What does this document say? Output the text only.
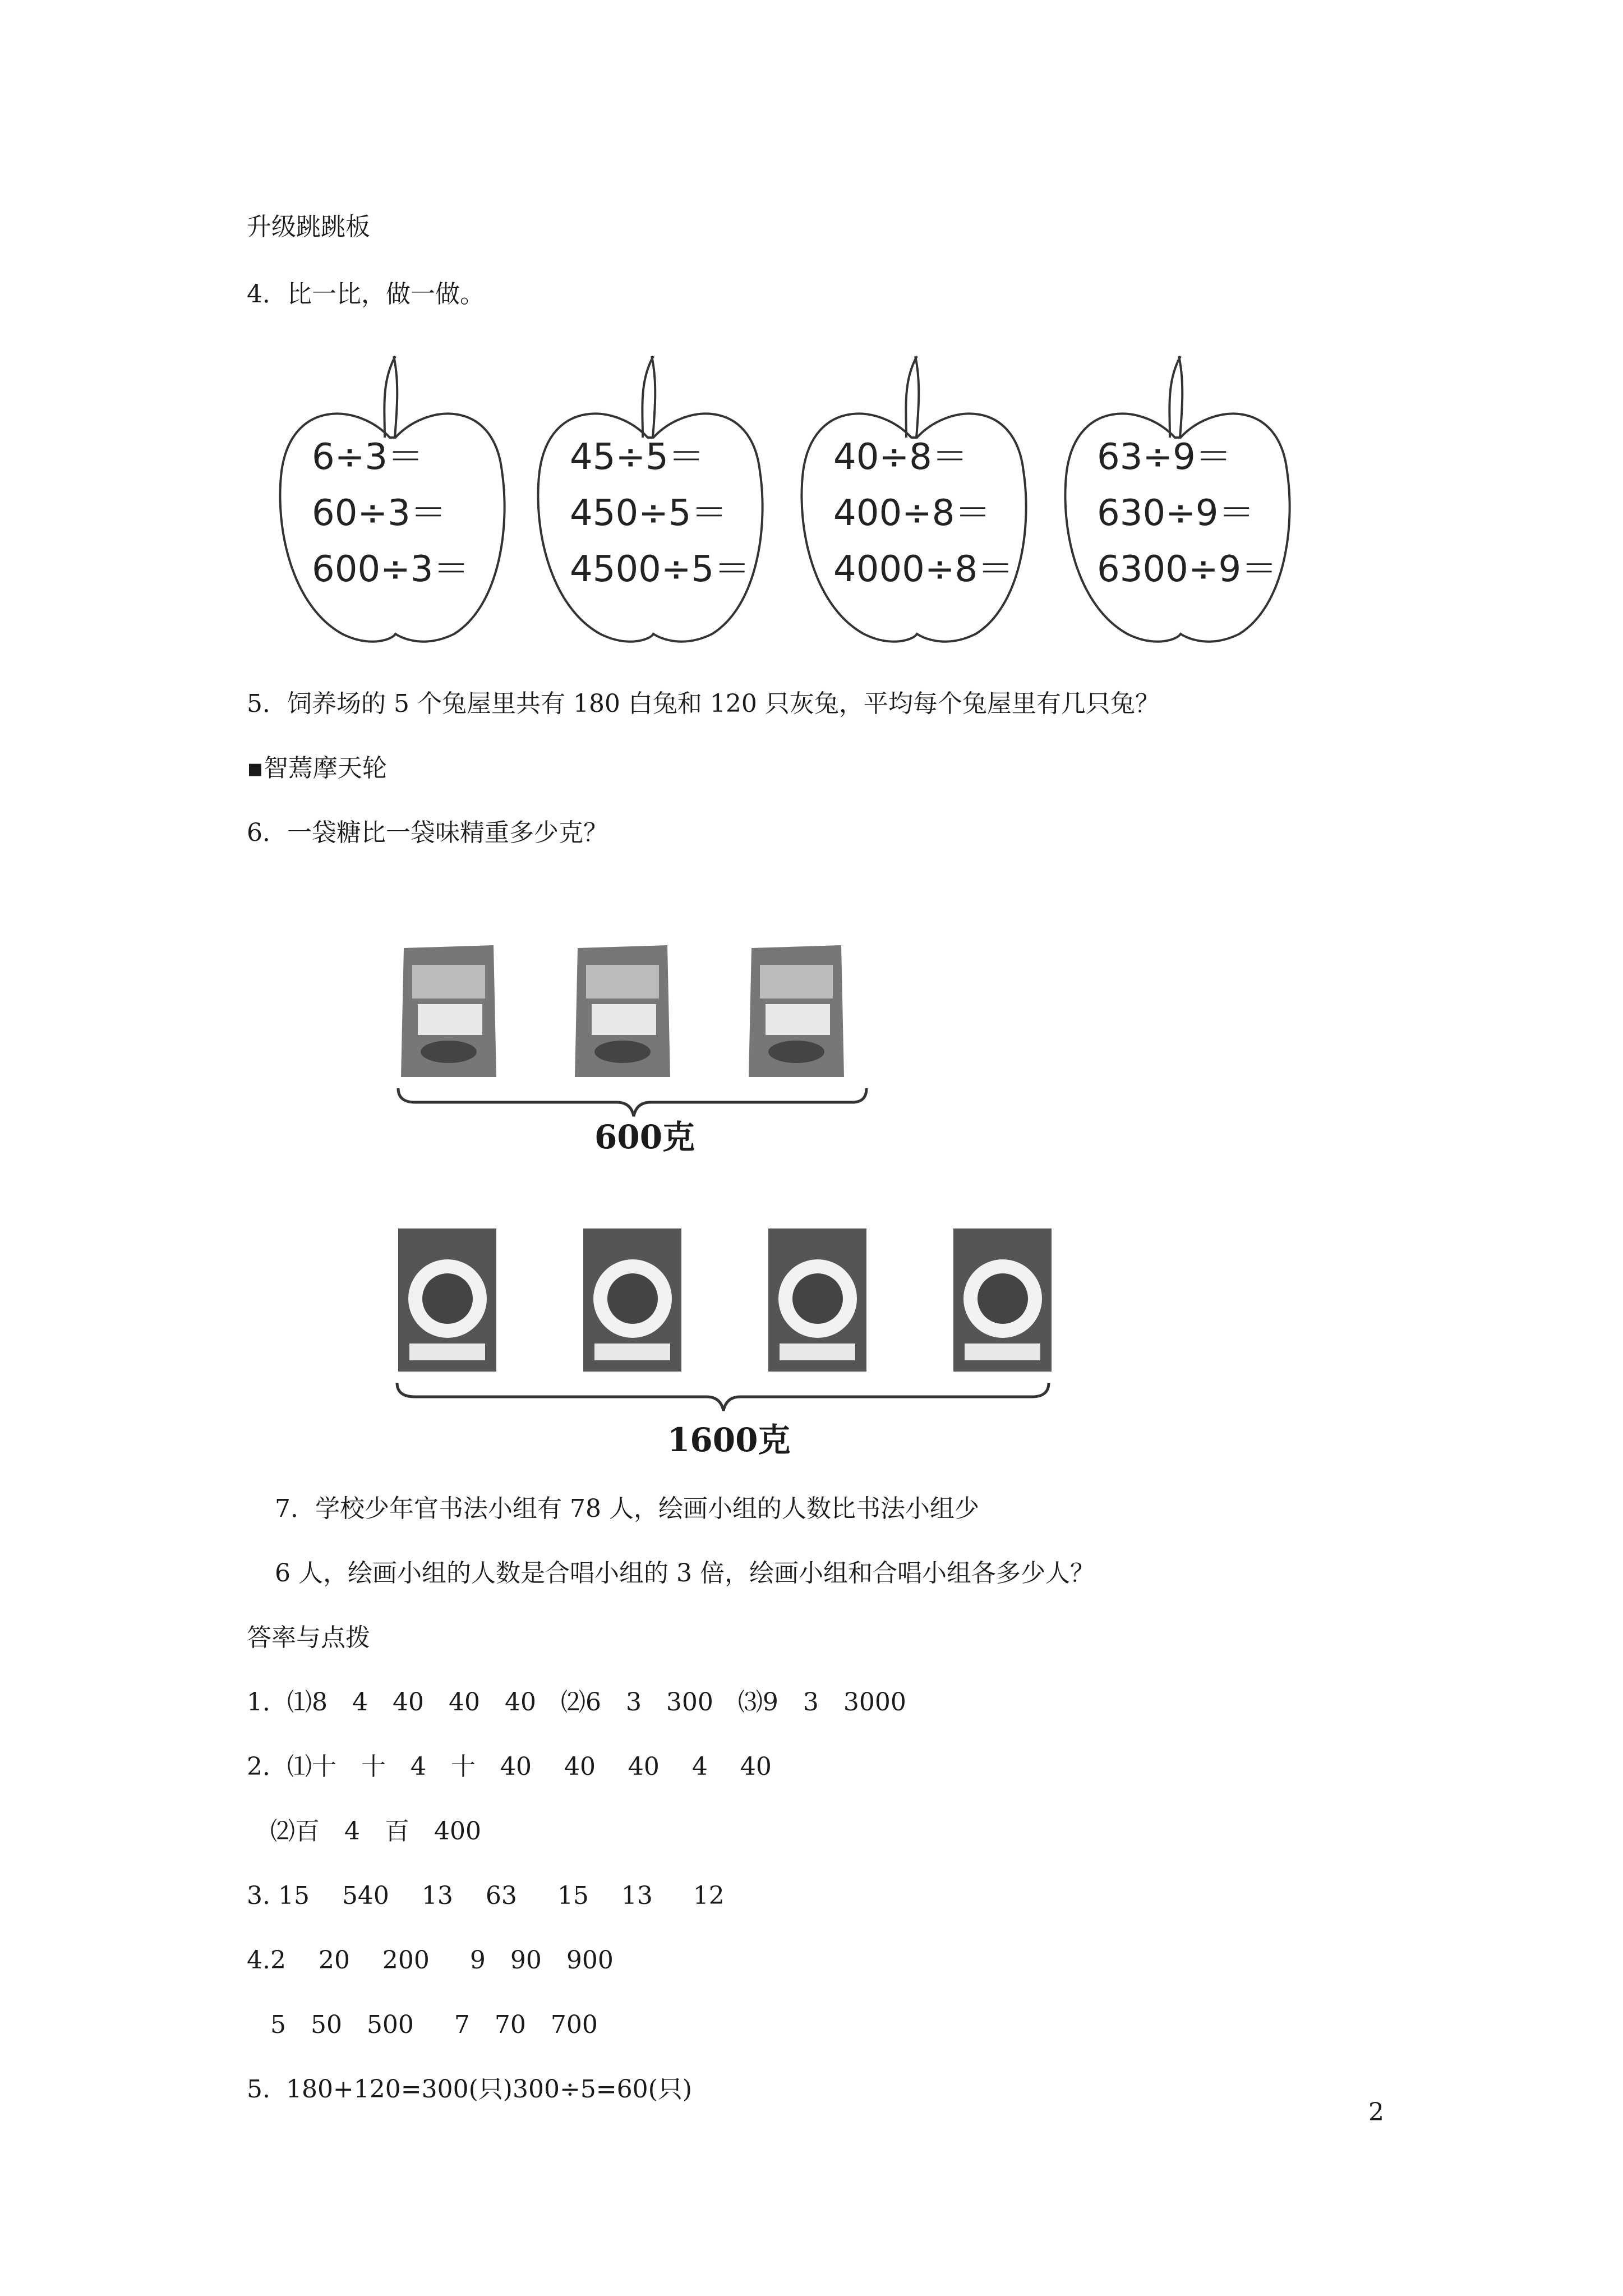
升级跳跳板
4．比一比，做一做。
6÷3＝
60÷3＝
600÷3＝
45÷5＝
450÷5＝
4500÷5＝
40÷8＝
400÷8＝
4000÷8＝
63÷9＝
630÷9＝
6300÷9＝
5．饲养场的 5 个兔屋里共有 180 白兔和 120 只灰兔，平均每个兔屋里有几只兔？
▪智蔫摩天轮
6．一袋糖比一袋味精重多少克？
600克
1600克
7．学校少年官书法小组有 78 人，绘画小组的人数比书法小组少
6 人，绘画小组的人数是合唱小组的 3 倍，绘画小组和合唱小组各多少人？
答率与点拨
1．⑴8　4　40　40　40　⑵6　3　300　⑶9　3　3000
2．⑴十　十　4　十　40　 40　 40　 4　 40
⑵百　4　百　400
3. 15　 540　 13　 63　  15　 13　  12
4.2　 20　 200　  9　90　900
5　50　500　  7　70　700
5.  180+120=300(只)300÷5=60(只)
2
